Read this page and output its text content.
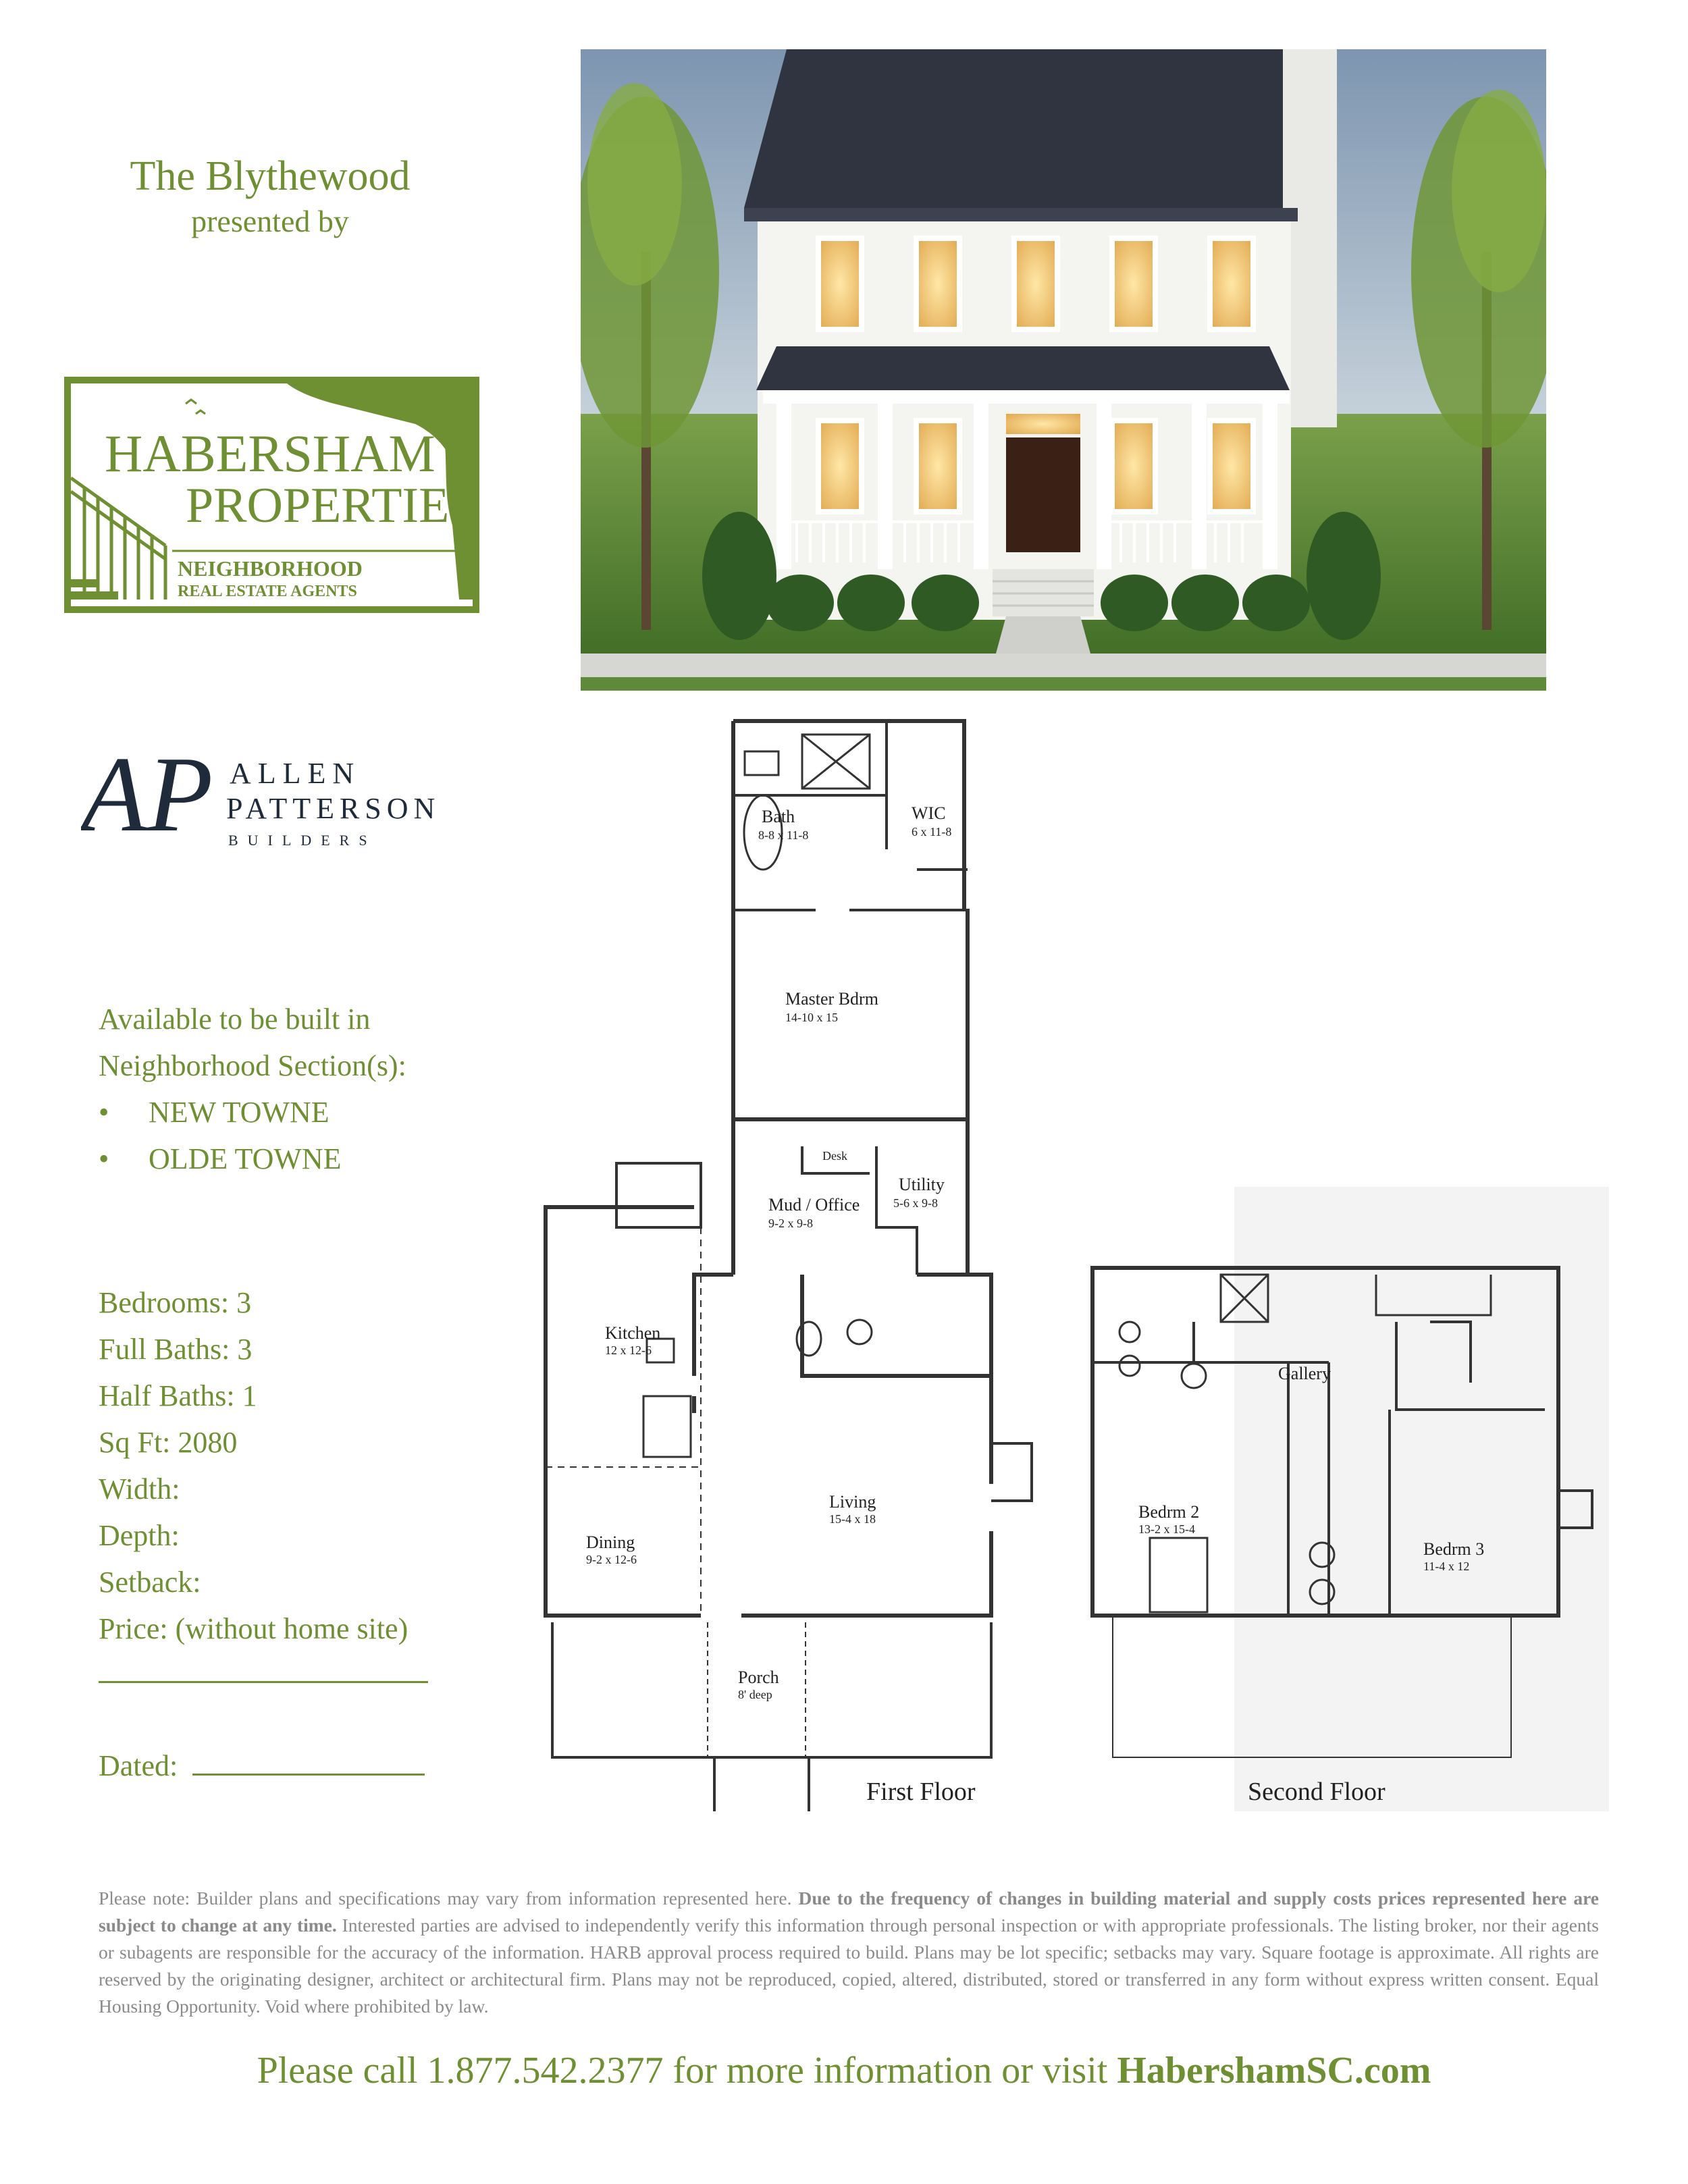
The Blythewood
presented by
HABERSHAM
PROPERTIES
NEIGHBORHOOD
REAL ESTATE AGENTS
AP ALLEN
PATTERSON
BUILDERS
Available to be built in
Neighborhood Section(s):
• NEW TOWNE
• OLDE TOWNE
Bedrooms: 3
Full Baths: 3
Half Baths: 1
Sq Ft: 2080
Width:
Depth:
Setback:
Price: (without home site)
Dated:
Bath
8-8 x 11-8
WIC
6 x 11-8
Master Bdrm
14-10 x 15
Desk
Utility
5-6 x 9-8
Mud / Office
9-2 x 9-8
Kitchen
12 x 12-6
Living
15-4 x 18
Dining
9-2 x 12-6
Porch
8' deep
Gallery
Bedrm 2
13-2 x 15-4
Bedrm 3
11-4 x 12
First Floor	Second Floor
Please note: Builder plans and specifications may vary from information represented here. Due to the frequency of changes in building material and supply costs prices represented here are subject to change at any time. Interested parties are advised to independently verify this information through personal inspection or with appropriate professionals. The listing broker, nor their agents or subagents are responsible for the accuracy of the information. HARB approval process required to build. Plans may be lot specific; setbacks may vary. Square footage is approximate. All rights are reserved by the originating designer, architect or architectural firm. Plans may not be reproduced, copied, altered, distributed, stored or transferred in any form without express written consent. Equal Housing Opportunity. Void where prohibited by law.
Please call 1.877.542.2377 for more information or visit HabershamSC.com
